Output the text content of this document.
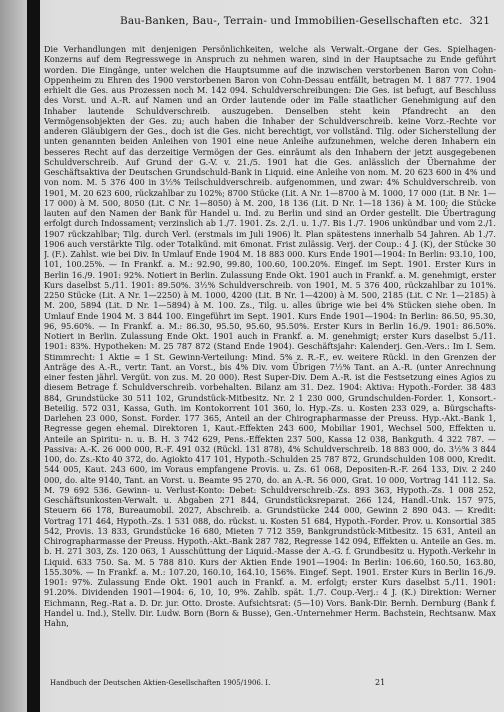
Bau-Banken, Bau-, Terrain- und Immobilien-Gesellschaften etc. 321

Die Verhandlungen mit denjenigen Persönlichkeiten, welche als Verwalt.-Organe der Ges. Spielhagen-Konzerns auf dem Regresswege in Anspruch zu nehmen waren, sind in der Hauptsache zu Ende geführt worden. Die Eingänge, unter welchen die Hauptsumme auf die inzwischen verstorbenen Baron von Cohn-Oppenheim zu Ehren des 1900 verstorbenen Baron von Cohn-Dessau entfällt, betragen M. 1 887 777. 1904 erhielt die Ges. aus Prozessen noch M. 142 094. Schuldverschreibungen: Die Ges. ist befugt, auf Beschluss des Vorst. und A.-R. auf Namen und an Order lautende oder im Falle staatlicher Genehmigung auf den Inhaber lautende Schuldverschreib. auszugeben. Denselben steht kein Pfandrecht an den Vermögensobjekten der Ges. zu; auch haben die Inhaber der Schuldverschreib. keine Vorz.-Rechte vor anderen Gläubigern der Ges., doch ist die Ges. nicht berechtigt, vor vollständ. Tilg. oder Sicherstellung der unten genannten beiden Anleihen von 1901 eine neue Anleihe aufzunehmen, welche deren Inhabern ein besseres Recht auf das derzeitige Vermögen der Ges. einräumt als den Inhabern der jetzt ausgegebenen Schuldverschreib. Auf Grund der G.-V. v. 21./5. 1901 hat die Ges. anlässlich der Übernahme der Geschäftsaktiva der Deutschen Grundschuld-Bank in Liquid. eine Anleihe von nom. M. 20 623 600 in 4% und von nom. M. 5 376 400 in 3½% Teilschuldverschreib. aufgenommen, und zwar: 4% Schuldverschreib. von 1901, M. 20 623 600, rückzahlbar zu 102%; 8700 Stücke (Lit. A Nr. 1—8700 à M. 1000, 17 000 (Lit. B Nr. 1—17 000) à M. 500, 8050 (Lit. C Nr. 1—8050) à M. 200, 18 136 (Lit. D Nr. 1—18 136) à M. 100; die Stücke lauten auf den Namen der Bank für Handel u. Ind. zu Berlin und sind an Order gestellt. Die Übertragung erfolgt durch Indossament; verzinslich ab 1./7. 1901. Zs. 2./1. u. 1./7. Bis 1./7. 1906 unkündbar und vom 2./1. 1907 rückzahlbar; Tilg. durch Verl. (erstmals im Juli 1906) lt. Plan spätestens innerhalb 54 Jahren. Ab 1./7. 1906 auch verstärkte Tilg. oder Totalkünd. mit 6monat. Frist zulässig. Verj. der Coup.: 4 J. (K), der Stücke 30 J. (F.). Zahlst. wie bei Div. In Umlauf Ende 1904 M. 18 883 000. Kurs Ende 1901—1904: In Berlin: 93.10, 100, 101, 100.25%. — In Frankf. a. M.: 92.90, 99.80, 100.60, 100.20%. Eingef. im Sept. 1901. Erster Kurs in Berlin 16./9. 1901: 92%. Notiert in Berlin. Zulassung Ende Okt. 1901 auch in Frankf. a. M. genehmigt, erster Kurs daselbst 5./11. 1901: 89.50%. 3½% Schuldverschreib. von 1901, M. 5 376 400, rückzahlbar zu 101%. 2250 Stücke (Lit. A Nr. 1—2250) à M. 1000, 4200 (Lit. B Nr. 1—4200) à M. 500, 2185 (Lit. C Nr. 1—2185) à M. 200, 5894 (Lit. D Nr. 1—5894) à M. 100. Zs., Tilg. u. alles übrige wie bei 4% Stücken siehe oben. In Umlauf Ende 1904 M. 3 844 100. Eingeführt im Sept. 1901. Kurs Ende 1901—1904: In Berlin: 86.50, 95.30, 96, 95.60%. — In Frankf. a. M.: 86.30, 95.50, 95.60, 95.50%. Erster Kurs in Berlin 16./9. 1901: 86.50%. Notiert in Berlin. Zulassung Ende Okt. 1901 auch in Frankf. a. M. genehmigt; erster Kurs daselbst 5./11. 1901: 83%. Hypotheken: M. 25 787 872 (Stand Ende 1904). Geschäftsjahr: Kalenderj. Gen.-Vers.: Im I. Sem. Stimmrecht: 1 Aktie = 1 St. Gewinn-Verteilung: Mind. 5% z. R.-F., ev. weitere Rückl. in den Grenzen der Anträge des A.-R., vertr. Tant. an Vorst., bis 4% Div. vom Übrigen 7½% Tant. an A.-R. (unter Anrechnung einer festen jährl. Vergüt. von zus. M. 20 000). Rest Super-Div. Dem A.-R. ist die Festsetzung eines Agios zu diesem Betrage f. Schuldverschreib. vorbehalten. Bilanz am 31. Dez. 1904: Aktiva: Hypoth.-Forder. 38 483 884, Grundstücke 30 511 102, Grundstück-Mitbesitz. Nr. 2 1 230 000, Grundschulden-Forder. 1, Konsort.-Beteilig. 572 031, Kassa, Guth. im Kontokorrent 101 360, lo. Hyp.-Zs. u. Kosten 233 029, a. Bürgschafts-Darlehen 23 000, Sonst. Forder. 177 365, Anteil an der Chirographarmasse der Preuss. Hyp.-Akt.-Bank 1, Regresse gegen ehemal. Direktoren 1, Kaut.-Effekten 243 600, Mobiliar 1901, Wechsel 500, Effekten u. Anteile an Spiritu- n. u. B. H. 3 742 629, Pens.-Effekten 237 500, Kassa 12 038, Bankguth. 4 322 787. — Passiva: A.-K. 26 000 000, R.-F. 491 032 (Rückl. 131 878), 4% Schuldverschreib. 18 883 000, do. 3½% 3 844 100, do. Zs.-Kto 40 372, do. Agiokto 417 101, Hypoth.-Schulden 25 787 872, Grundschulden 108 000, Kredit. 544 005, Kaut. 243 600, im Voraus empfangene Provis. u. Zs. 61 068, Depositen-R.-F. 264 133, Div. 2 240 000, do. alte 9140, Tant. an Vorst. u. Beamte 95 270, do. an A.-R. 56 000, Grat. 10 000, Vortrag 141 112. Sa. M. 79 692 536. Gewinn- u. Verlust-Konto: Debet: Schuldverschreib.-Zs. 893 363, Hypoth.-Zs. 1 008 252, Geschäftsunkosten-Verwalt. u. Abgaben 271 844, Grundstücksreparat. 266 124, Handl.-Unk. 157 975, Steuern 66 178, Bureaumobil. 2027, Abschreib. a. Grundstücke 244 000, Gewinn 2 890 043. — Kredit: Vortrag 171 464, Hypoth.-Zs. 1 531 088, do. rückst. u. Kosten 51 684, Hypoth.-Forder. Prov. u. Konsortial 385 542, Provis. 13 833, Grundstücke 16 680, Mieten 7 712 359, Bankgrundstück-Mitbesitz. 15 631, Anteil an Chirographarmasse der Preuss. Hypoth.-Akt.-Bank 287 782, Regresse 142 094, Effekten u. Anteile an Ges. m. b. H. 271 303, Zs. 120 063, 1 Ausschüttung der Liquid.-Masse der A.-G. f. Grundbesitz u. Hypoth.-Verkehr in Liquid. 633 750. Sa. M. 5 788 810. Kurs der Aktien Ende 1901—1904: In Berlin: 106.60, 160.50, 163.80, 155.30%. — In Frankf. a. M.: 107.20, 160.10, 164.10, 156%. Eingef. Sept. 1901. Erster Kurs in Berlin 16./9. 1901: 97%. Zulassung Ende Okt. 1901 auch in Frankf. a. M. erfolgt; erster Kurs daselbst 5./11. 1901: 91.20%. Dividenden 1901—1904: 6, 10, 10, 9%. Zahlb. spät. 1./7. Coup.-Verj.: 4 J. (K.) Direktion: Werner Eichmann, Reg.-Rat a. D. Dr. jur. Otto. Droste. Aufsichtsrat: (5—10) Vors. Bank-Dir. Bernh. Dernburg (Bank f. Handel u. Ind.), Stellv. Dir. Ludw. Born (Born & Busse), Gen.-Unternehmer Herm. Bachstein, Rechtsanw. Max Hahn,

Handbuch der Deutschen Aktien-Gesellschaften 1905/1906. I.	21
